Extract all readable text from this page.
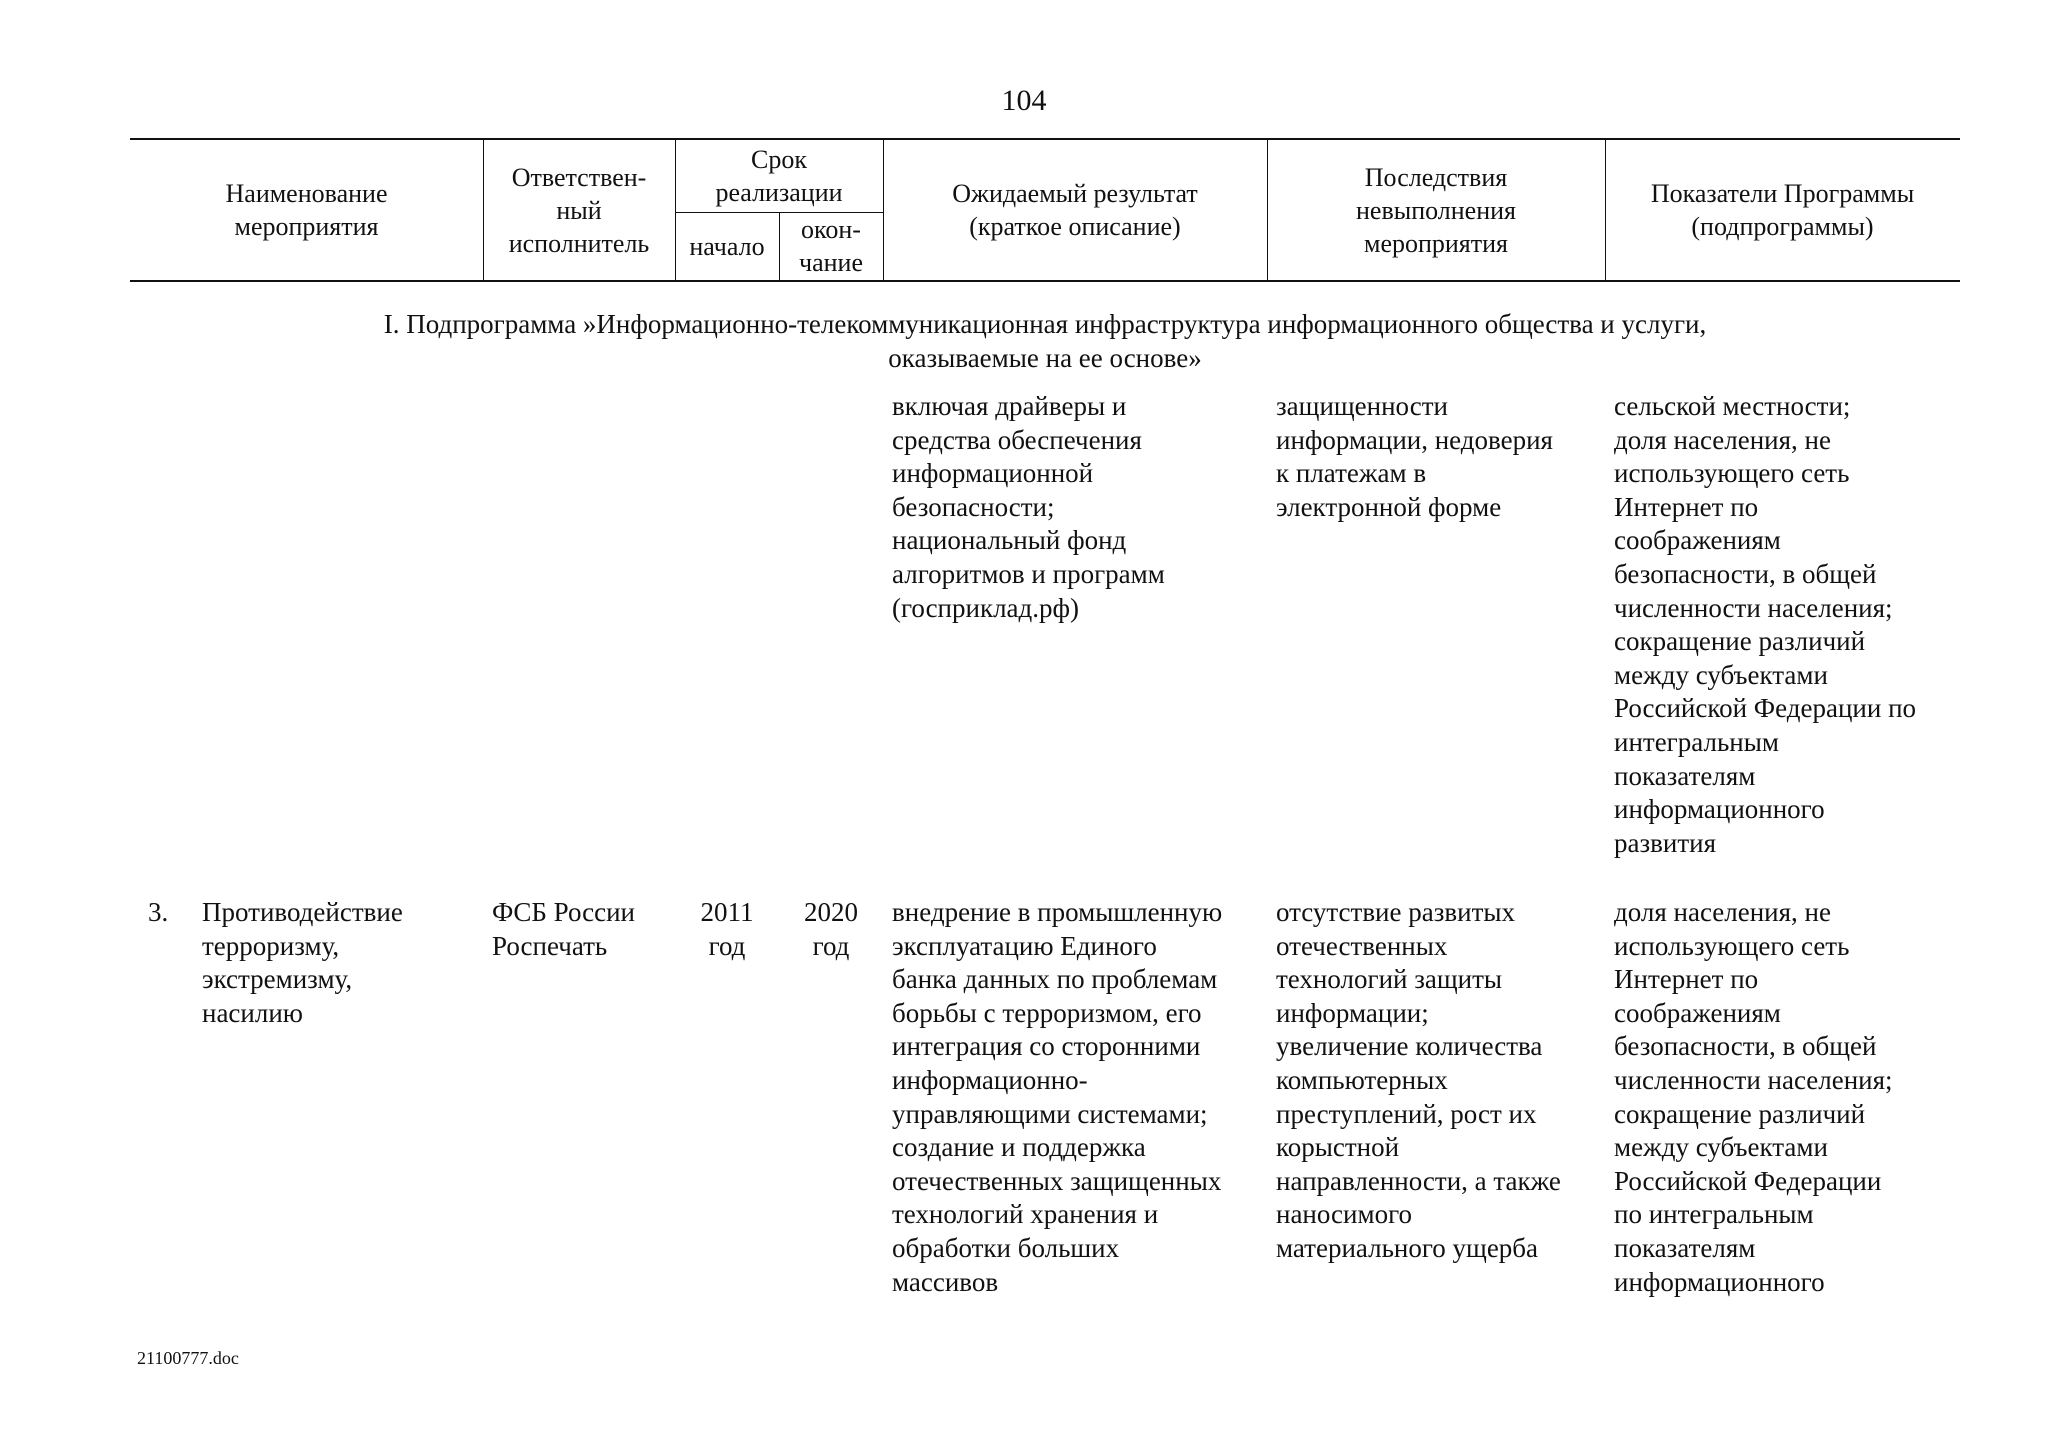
104
Наименование
мероприятия
Ответствен-
ный
исполнитель
Срок
реализации
начало
окон-
чание
Ожидаемый результат
(краткое описание)
Последствия
невыполнения
мероприятия
Показатели Программы
(подпрограммы)
I. Подпрограмма »Информационно-телекоммуникационная инфраструктура информационного общества и услуги,
оказываемые на ее основе»
включая драйверы и
средства обеспечения
информационной
безопасности;
национальный фонд
алгоритмов и программ
(госприклад.рф)
защищенности
информации, недоверия
к платежам в
электронной форме
сельской местности;
доля населения, не
использующего сеть
Интернет по
соображениям
безопасности, в общей
численности населения;
сокращение различий
между субъектами
Российской Федерации по
интегральным
показателям
информационного
развития
3.	Противодействие
терроризму,
экстремизму,
насилию
ФСБ России
Роспечать
2011
год
2020
год
внедрение в промышленную
эксплуатацию Единого
банка данных по проблемам
борьбы с терроризмом, его
интеграция со сторонними
информационно-
управляющими системами;
создание и поддержка
отечественных защищенных
технологий хранения и
обработки больших
массивов
отсутствие развитых
отечественных
технологий защиты
информации;
увеличение количества
компьютерных
преступлений, рост их
корыстной
направленности, а также
наносимого
материального ущерба
доля населения, не
использующего сеть
Интернет по
соображениям
безопасности, в общей
численности населения;
сокращение различий
между субъектами
Российской Федерации
по интегральным
показателям
информационного
21100777.doc
